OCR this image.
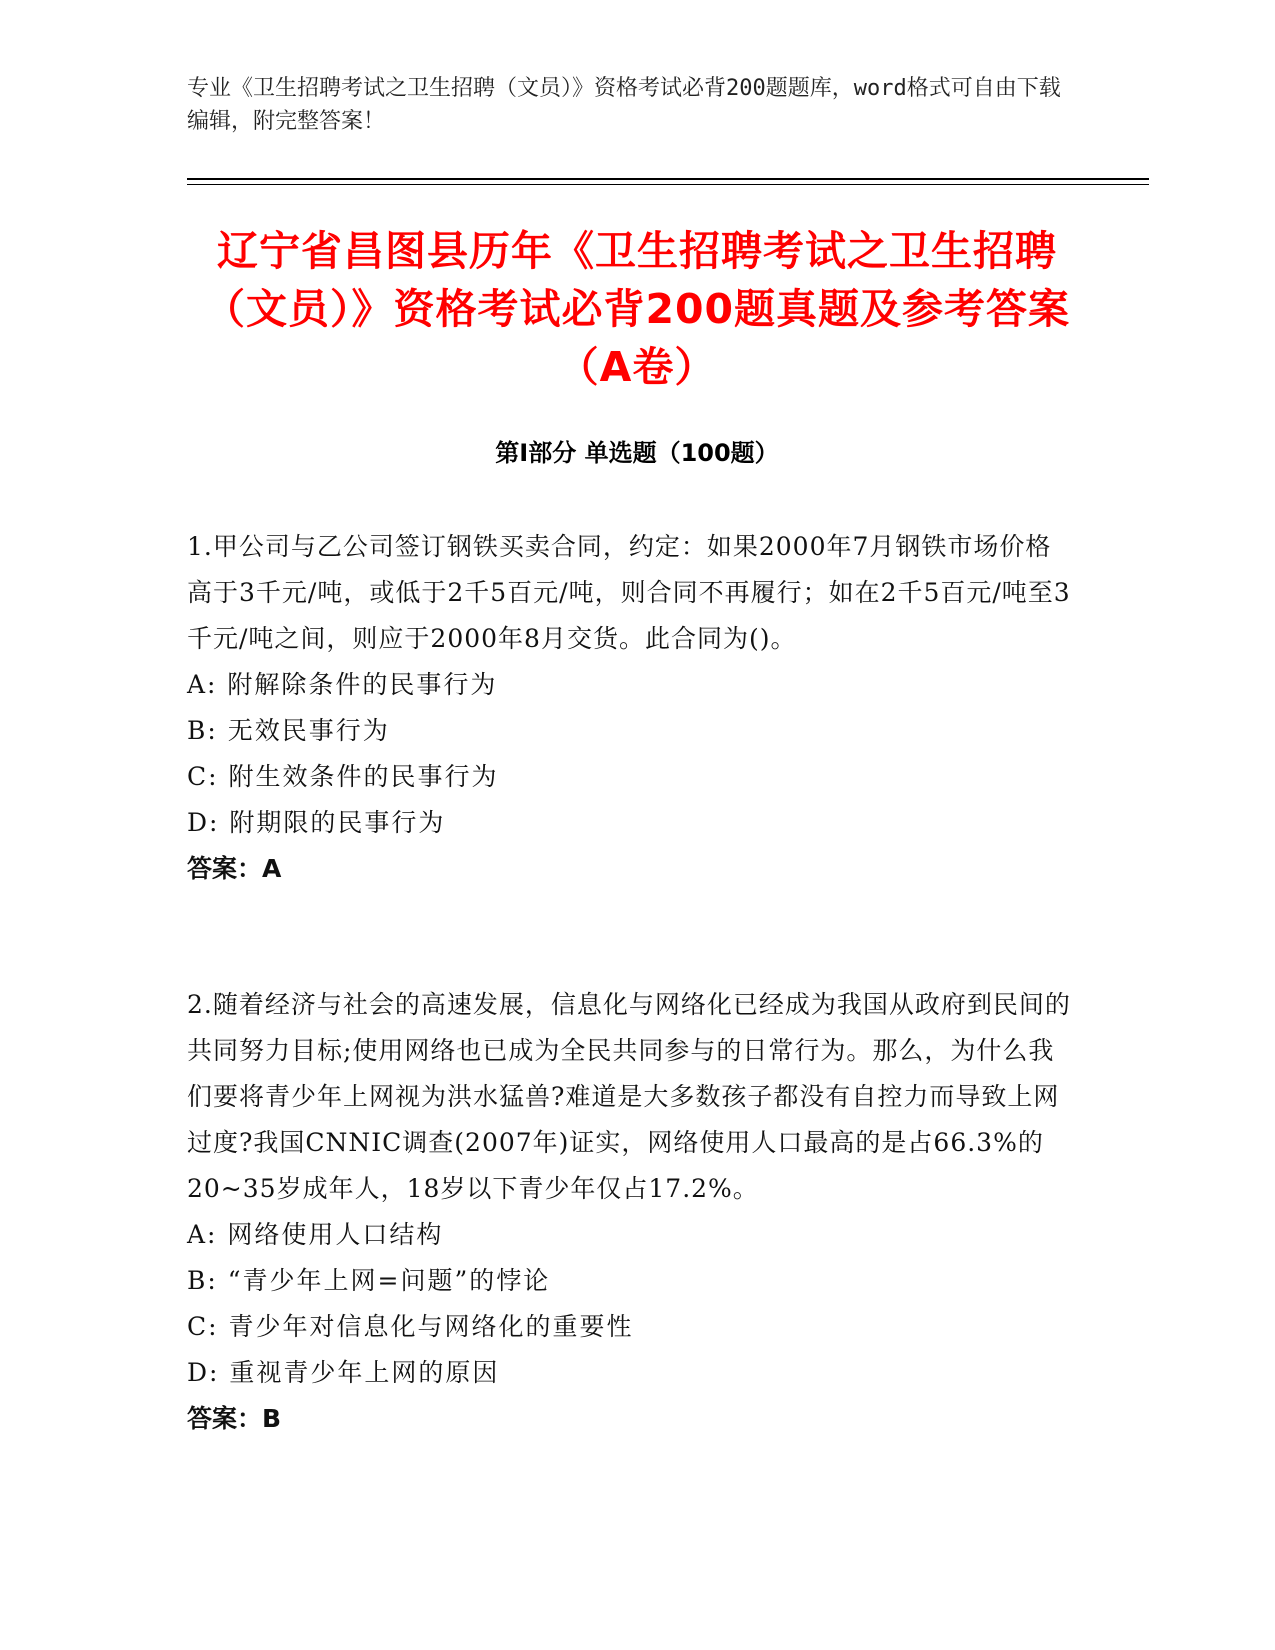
专业《卫生招聘考试之卫生招聘（文员）》资格考试必背200题题库，word格式可自由下载编辑，附完整答案！
辽宁省昌图县历年《卫生招聘考试之卫生招聘（文员）》资格考试必背200题真题及参考答案（A卷）
第I部分 单选题（100题）
1.甲公司与乙公司签订钢铁买卖合同，约定：如果2000年7月钢铁市场价格高于3千元/吨，或低于2千5百元/吨，则合同不再履行；如在2千5百元/吨至3千元/吨之间，则应于2000年8月交货。此合同为()。
A: 附解除条件的民事行为
B: 无效民事行为
C: 附生效条件的民事行为
D: 附期限的民事行为
答案：A
2.随着经济与社会的高速发展，信息化与网络化已经成为我国从政府到民间的共同努力目标;使用网络也已成为全民共同参与的日常行为。那么，为什么我们要将青少年上网视为洪水猛兽?难道是大多数孩子都没有自控力而导致上网过度?我国CNNIC调查(2007年)证实，网络使用人口最高的是占66.3%的20~35岁成年人，18岁以下青少年仅占17.2%。
A: 网络使用人口结构
B: “青少年上网=问题”的悖论
C: 青少年对信息化与网络化的重要性
D: 重视青少年上网的原因
答案：B
